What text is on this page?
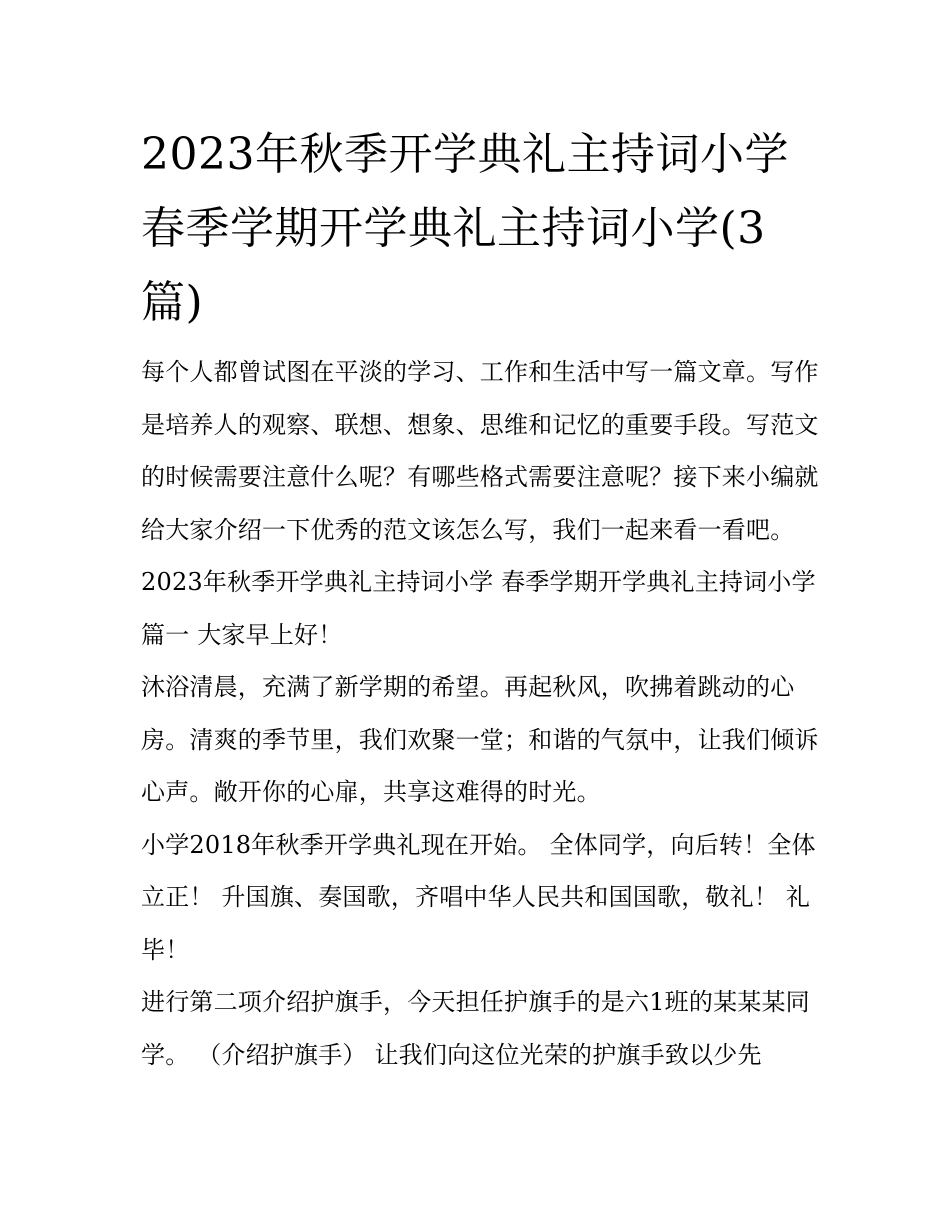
2023年秋季开学典礼主持词小学 春季学期开学典礼主持词小学(3篇)

每个人都曾试图在平淡的学习、工作和生活中写一篇文章。写作是培养人的观察、联想、想象、思维和记忆的重要手段。写范文的时候需要注意什么呢？有哪些格式需要注意呢？接下来小编就给大家介绍一下优秀的范文该怎么写，我们一起来看一看吧。

2023年秋季开学典礼主持词小学 春季学期开学典礼主持词小学篇一 大家早上好！

沐浴清晨，充满了新学期的希望。再起秋风，吹拂着跳动的心房。清爽的季节里，我们欢聚一堂；和谐的气氛中，让我们倾诉心声。敞开你的心扉，共享这难得的时光。

小学2018年秋季开学典礼现在开始。 全体同学，向后转！全体立正！ 升国旗、奏国歌，齐唱中华人民共和国国歌，敬礼！ 礼毕！

进行第二项介绍护旗手，今天担任护旗手的是六1班的某某某同学。 （介绍护旗手） 让我们向这位光荣的护旗手致以少先
